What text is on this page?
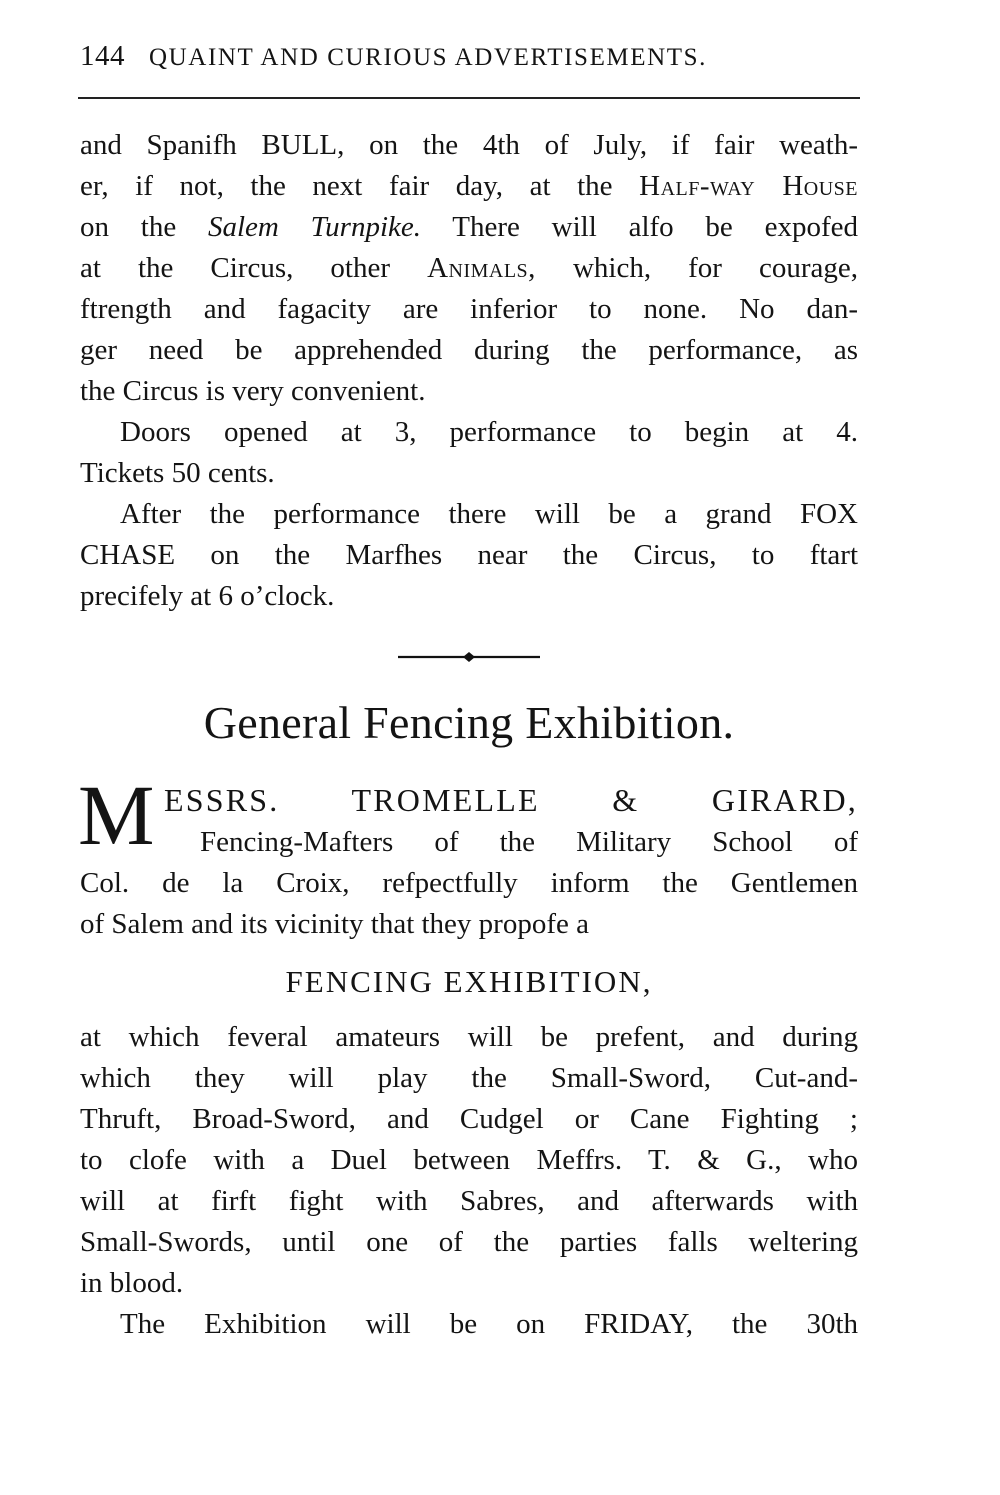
144 QUAINT AND CURIOUS ADVERTISEMENTS.

and Spanifh BULL, on the 4th of July, if fair weath-

er, if not, the next fair day, at the Half-way House

on the Salem Turnpike. There will alfo be expofed

at the Circus, other Animals, which, for courage,

ftrength and fagacity are inferior to none. No dan-

ger need be apprehended during the performance, as

the Circus is very convenient.

Doors opened at 3, performance to begin at 4.

Tickets 50 cents.

After the performance there will be a grand FOX

CHASE on the Marfhes near the Circus, to ftart

precifely at 6 o’clock.

General Fencing Exhibition.
M ESSRS. TROMELLE & GIRARD,

Fencing-Mafters of the Military School of

Col. de la Croix, refpectfully inform the Gentlemen

of Salem and its vicinity that they propofe a

FENCING EXHIBITION,

at which feveral amateurs will be prefent, and during

which they will play the Small-Sword, Cut-and-

Thruft, Broad-Sword, and Cudgel or Cane Fighting ;

to clofe with a Duel between Meffrs. T. & G., who

will at firft fight with Sabres, and afterwards with

Small-Swords, until one of the parties falls weltering

in blood.

The Exhibition will be on FRIDAY, the 30th
